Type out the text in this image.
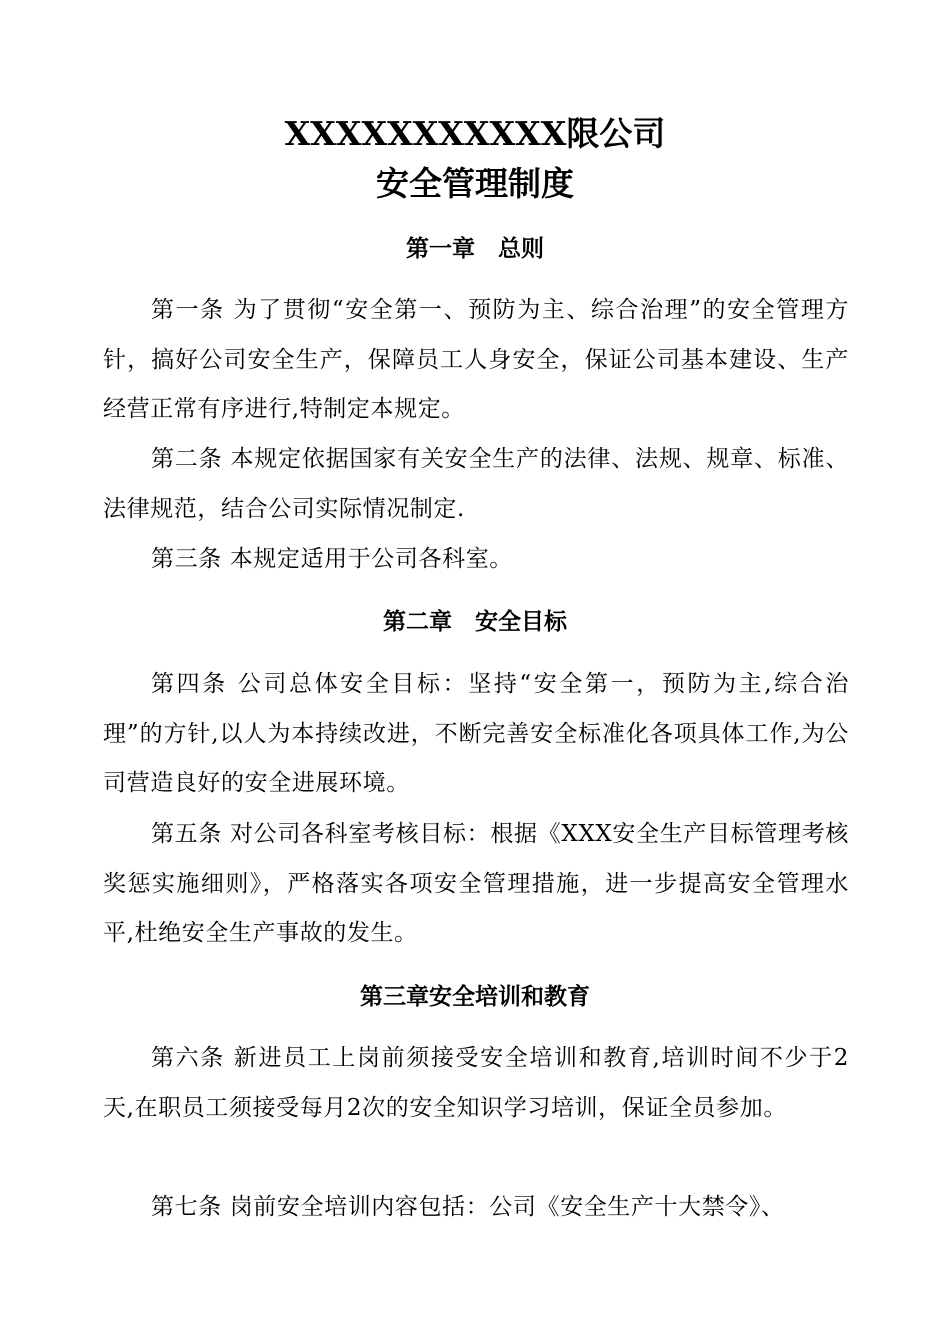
XXXXXXXXXXX限公司
安全管理制度
第一章　总则
第一条 为了贯彻“安全第一、预防为主、综合治理”的安全管理方针，搞好公司安全生产，保障员工人身安全，保证公司基本建设、生产经营正常有序进行,特制定本规定。
第二条 本规定依据国家有关安全生产的法律、法规、规章、标准、法律规范，结合公司实际情况制定.
第三条 本规定适用于公司各科室。
第二章　安全目标
第四条 公司总体安全目标：坚持“安全第一，预防为主,综合治理”的方针,以人为本持续改进，不断完善安全标准化各项具体工作,为公司营造良好的安全进展环境。
第五条 对公司各科室考核目标：根据《XXX安全生产目标管理考核奖惩实施细则》，严格落实各项安全管理措施，进一步提高安全管理水平,杜绝安全生产事故的发生。
第三章安全培训和教育
第六条 新进员工上岗前须接受安全培训和教育,培训时间不少于2天,在职员工须接受每月2次的安全知识学习培训，保证全员参加。
第七条 岗前安全培训内容包括：公司《安全生产十大禁令》、
